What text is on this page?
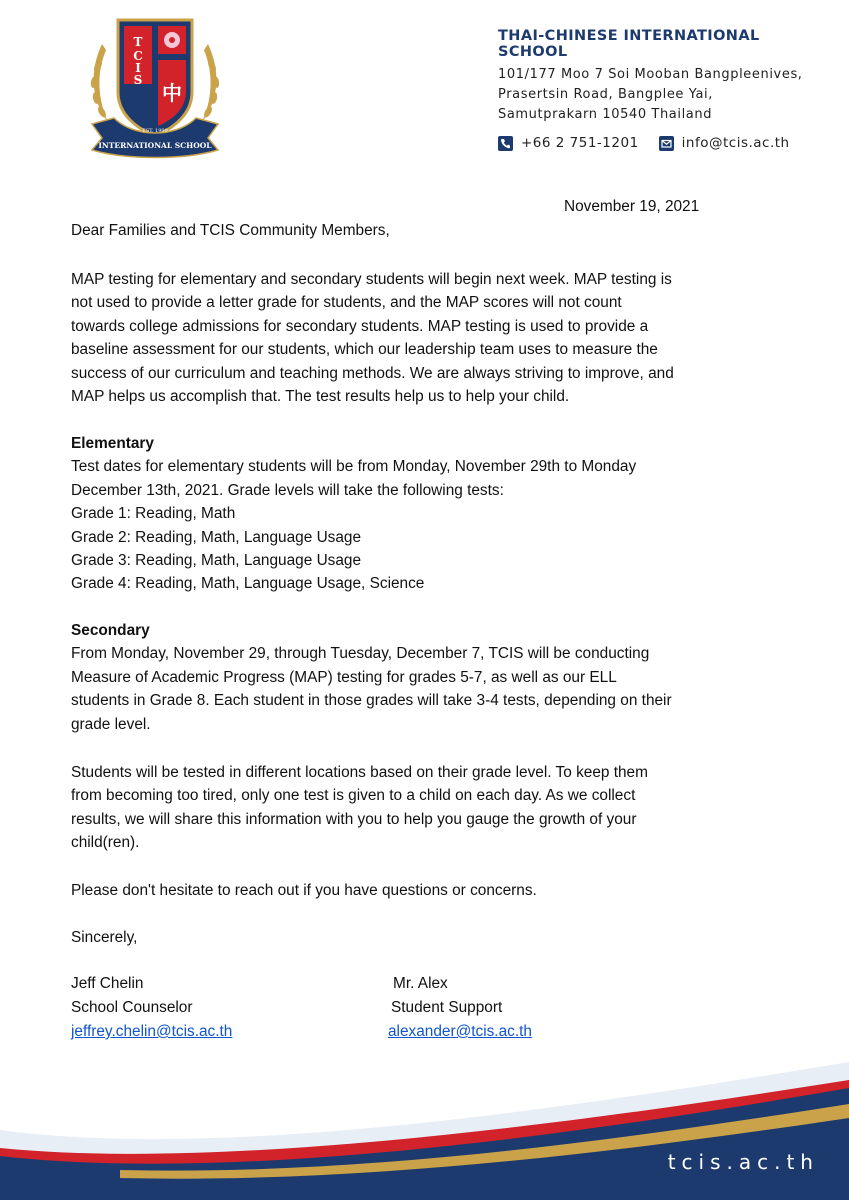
T
C
I
S
中
EST. 1999
INTERNATIONAL SCHOOL
THAI-CHINESE INTERNATIONAL SCHOOL
101/177 Moo 7 Soi Mooban Bangpleenives,
Prasertsin Road, Bangplee Yai,
Samutprakarn 10540 Thailand
+66 2 751-1201	info@tcis.ac.th
November 19, 2021
Dear Families and TCIS Community Members,
MAP testing for elementary and secondary students will begin next week. MAP testing is
not used to provide a letter grade for students, and the MAP scores will not count
towards college admissions for secondary students. MAP testing is used to provide a
baseline assessment for our students, which our leadership team uses to measure the
success of our curriculum and teaching methods. We are always striving to improve, and
MAP helps us accomplish that. The test results help us to help your child.
Elementary
Test dates for elementary students will be from Monday, November 29th to Monday
December 13th, 2021. Grade levels will take the following tests:
Grade 1: Reading, Math
Grade 2: Reading, Math, Language Usage
Grade 3: Reading, Math, Language Usage
Grade 4: Reading, Math, Language Usage, Science
Secondary
From Monday, November 29, through Tuesday, December 7, TCIS will be conducting
Measure of Academic Progress (MAP) testing for grades 5-7, as well as our ELL
students in Grade 8. Each student in those grades will take 3-4 tests, depending on their
grade level.
Students will be tested in different locations based on their grade level. To keep them
from becoming too tired, only one test is given to a child on each day. As we collect
results, we will share this information with you to help you gauge the growth of your
child(ren).
Please don't hesitate to reach out if you have questions or concerns.
Sincerely,
Jeff Chelin
School Counselor
jeffrey.chelin@tcis.ac.th
Mr. Alex
Student Support
alexander@tcis.ac.th
tcis.ac.th
